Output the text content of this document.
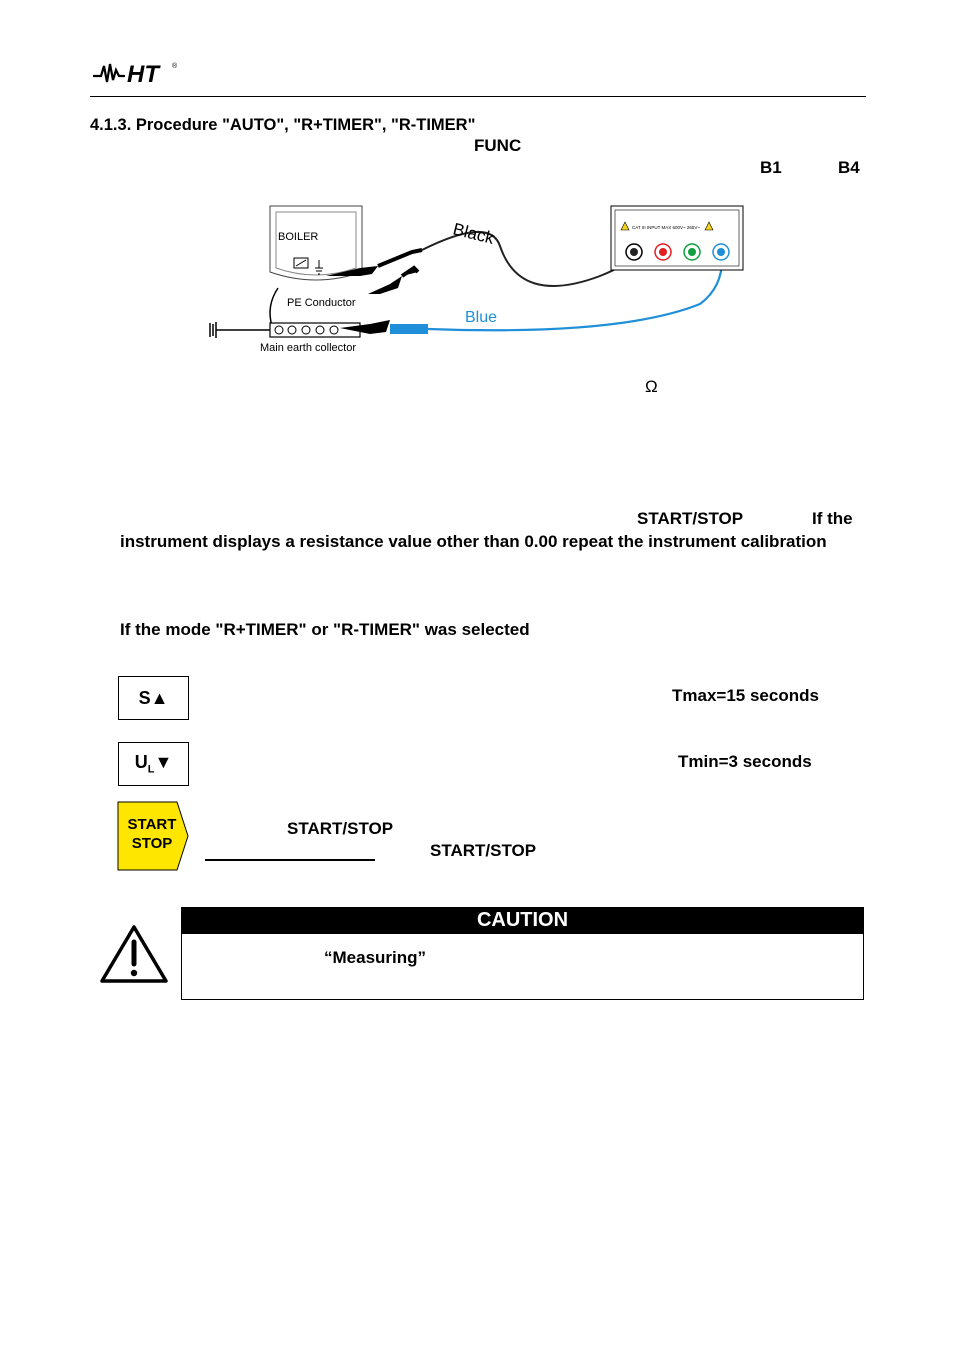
HT	®
4.1.3. Procedure "AUTO", "R+TIMER", "R-TIMER"
FUNC
B1	B4
BOILER
PE Conductor
Main earth collector
Black
Blue
CAT III INPUT MAX 600V~ 265V~
Ω
START/STOP	If the
instrument displays a resistance value other than 0.00 repeat the instrument calibration
If the mode "R+TIMER" or "R-TIMER" was selected
S▲	Tmax=15 seconds
$U_L▼$	Tmin=3 seconds
START
STOP
START/STOP
START/STOP
CAUTION
“Measuring”
